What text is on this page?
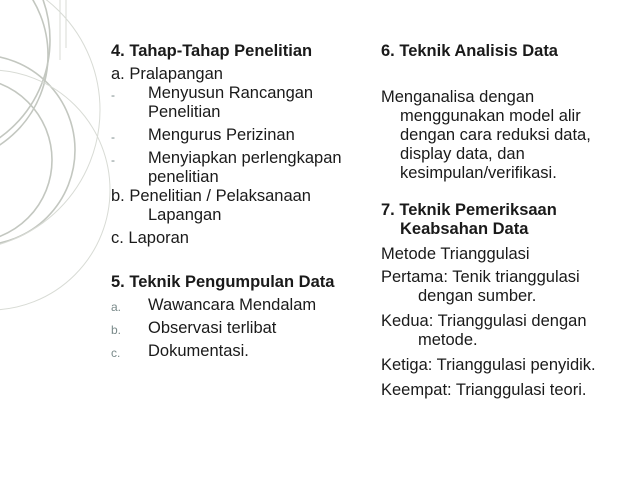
4. Tahap-Tahap Penelitian
a. Pralapangan
- Menyusun Rancangan Penelitian
- Mengurus Perizinan
- Menyiapkan perlengkapan penelitian
b. Penelitian / Pelaksanaan Lapangan
c. Laporan
5. Teknik Pengumpulan Data
a. Wawancara Mendalam
b. Observasi terlibat
c. Dokumentasi.
6. Teknik Analisis Data
Menganalisa dengan menggunakan model alir dengan cara reduksi data, display data, dan kesimpulan/verifikasi.
7. Teknik Pemeriksaan Keabsahan Data
Metode Trianggulasi
Pertama: Tenik trianggulasi dengan sumber.
Kedua: Trianggulasi dengan metode.
Ketiga: Trianggulasi penyidik.
Keempat: Trianggulasi teori.
